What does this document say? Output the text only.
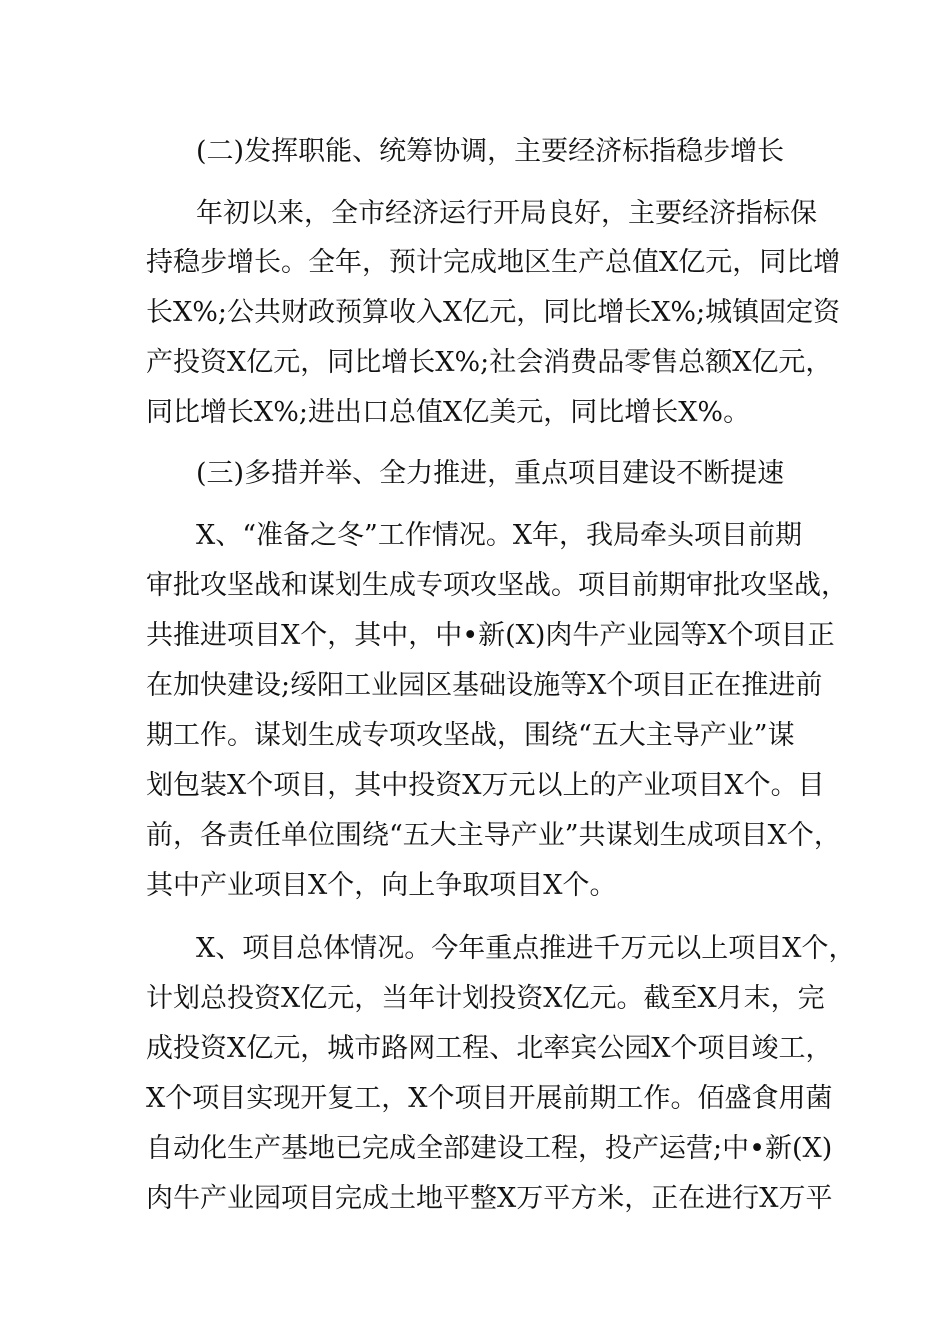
(二)发挥职能、统筹协调，主要经济标指稳步增长

年初以来，全市经济运行开局良好，主要经济指标保

持稳步增长。全年，预计完成地区生产总值X亿元，同比增

长X%;公共财政预算收入X亿元，同比增长X%;城镇固定资

产投资X亿元，同比增长X%;社会消费品零售总额X亿元，

同比增长X%;进出口总值X亿美元，同比增长X%。

(三)多措并举、全力推进，重点项目建设不断提速

X、“准备之冬”工作情况。X年，我局牵头项目前期

审批攻坚战和谋划生成专项攻坚战。项目前期审批攻坚战，

共推进项目X个，其中，中•新(X)肉牛产业园等X个项目正

在加快建设;绥阳工业园区基础设施等X个项目正在推进前

期工作。谋划生成专项攻坚战，围绕“五大主导产业”谋

划包装X个项目，其中投资X万元以上的产业项目X个。目

前，各责任单位围绕“五大主导产业”共谋划生成项目X个，

其中产业项目X个，向上争取项目X个。

X、项目总体情况。今年重点推进千万元以上项目X个，

计划总投资X亿元，当年计划投资X亿元。截至X月末，完

成投资X亿元，城市路网工程、北率宾公园X个项目竣工，

X个项目实现开复工，X个项目开展前期工作。佰盛食用菌

自动化生产基地已完成全部建设工程，投产运营;中•新(X)

肉牛产业园项目完成土地平整X万平方米，正在进行X万平
